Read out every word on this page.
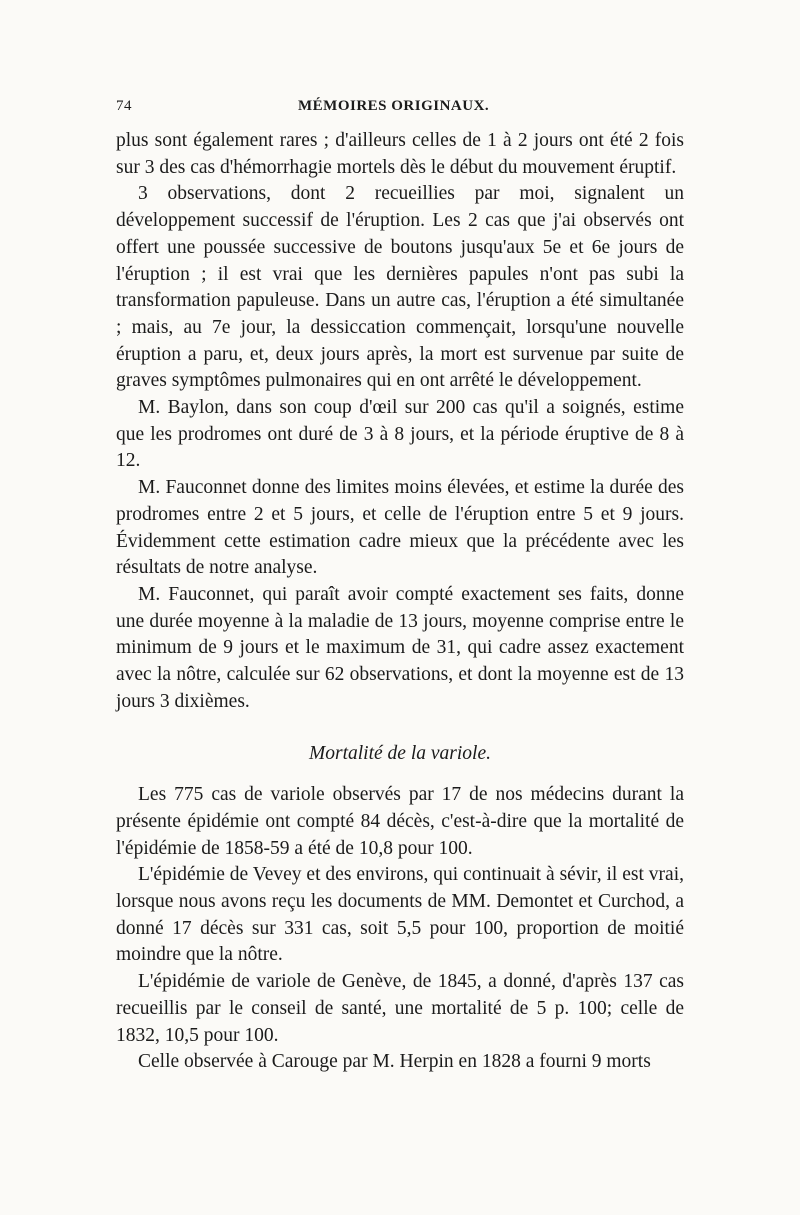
74	MÉMOIRES ORIGINAUX.

plus sont également rares ; d'ailleurs celles de 1 à 2 jours ont été 2 fois sur 3 des cas d'hémorrhagie mortels dès le début du mouvement éruptif.

3 observations, dont 2 recueillies par moi, signalent un développement successif de l'éruption. Les 2 cas que j'ai observés ont offert une poussée successive de boutons jusqu'aux 5e et 6e jours de l'éruption ; il est vrai que les dernières papules n'ont pas subi la transformation papuleuse. Dans un autre cas, l'éruption a été simultanée ; mais, au 7e jour, la dessiccation commençait, lorsqu'une nouvelle éruption a paru, et, deux jours après, la mort est survenue par suite de graves symptômes pulmonaires qui en ont arrêté le développement.

M. Baylon, dans son coup d'œil sur 200 cas qu'il a soignés, estime que les prodromes ont duré de 3 à 8 jours, et la période éruptive de 8 à 12.

M. Fauconnet donne des limites moins élevées, et estime la durée des prodromes entre 2 et 5 jours, et celle de l'éruption entre 5 et 9 jours. Évidemment cette estimation cadre mieux que la précédente avec les résultats de notre analyse.

M. Fauconnet, qui paraît avoir compté exactement ses faits, donne une durée moyenne à la maladie de 13 jours, moyenne comprise entre le minimum de 9 jours et le maximum de 31, qui cadre assez exactement avec la nôtre, calculée sur 62 observations, et dont la moyenne est de 13 jours 3 dixièmes.

Mortalité de la variole.

Les 775 cas de variole observés par 17 de nos médecins durant la présente épidémie ont compté 84 décès, c'est-à-dire que la mortalité de l'épidémie de 1858-59 a été de 10,8 pour 100.

L'épidémie de Vevey et des environs, qui continuait à sévir, il est vrai, lorsque nous avons reçu les documents de MM. Demontet et Curchod, a donné 17 décès sur 331 cas, soit 5,5 pour 100, proportion de moitié moindre que la nôtre.

L'épidémie de variole de Genève, de 1845, a donné, d'après 137 cas recueillis par le conseil de santé, une mortalité de 5 p. 100; celle de 1832, 10,5 pour 100.

Celle observée à Carouge par M. Herpin en 1828 a fourni 9 morts
